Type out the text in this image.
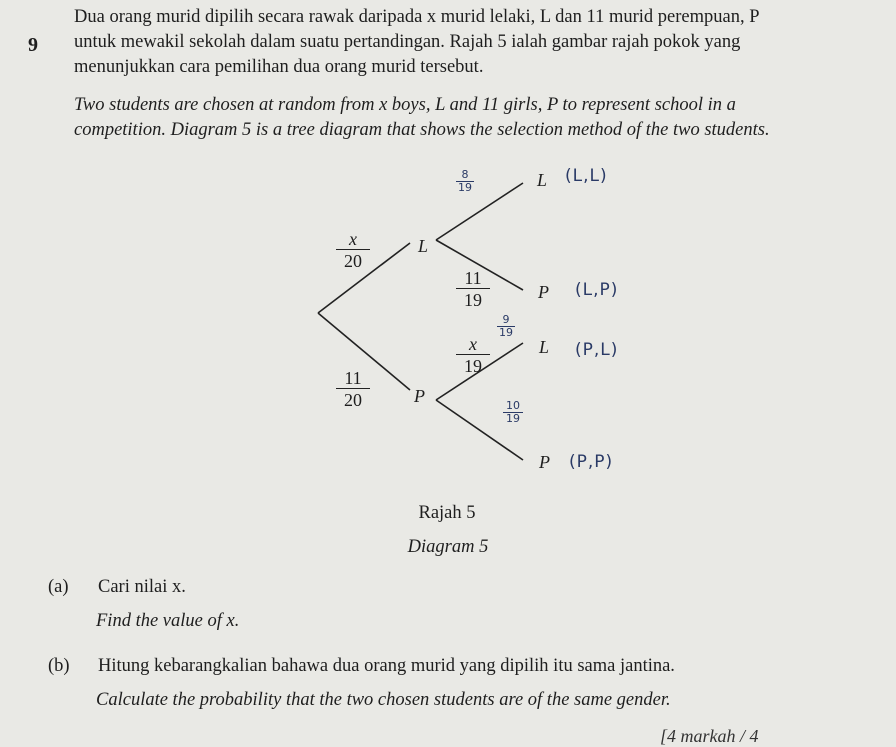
9

Dua orang murid dipilih secara rawak daripada x murid lelaki, L dan 11 murid perempuan, P
untuk mewakil sekolah dalam suatu pertandingan. Rajah 5 ialah gambar rajah pokok yang
menunjukkan cara pemilihan dua orang murid tersebut.

Two students are chosen at random from x boys, L and 11 girls, P to represent school in a
competition. Diagram 5 is a tree diagram that shows the selection method of the two students.

$\frac{x}{20}$
$\frac{11}{20}$
$\frac{11}{19}$
$\frac{x}{19}$
L
P
L
P
L
P
$\frac{8}{19}$
$\frac{9}{19}$
$\frac{10}{19}$
(L,L)
(L,P)
(P,L)
(P,P)
Rajah 5
Diagram 5
(a) Cari nilai x.
Find the value of x.
(b) Hitung kebarangkalian bahawa dua orang murid yang dipilih itu sama jantina.
Calculate the probability that the two chosen students are of the same gender.
[4 markah / 4
